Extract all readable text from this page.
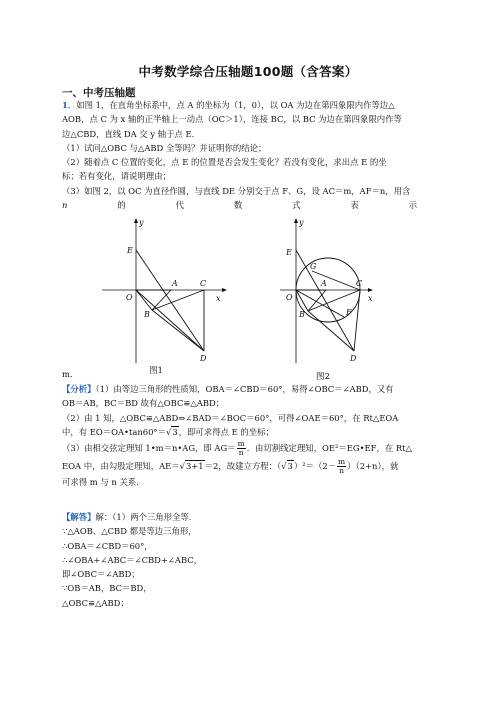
中考数学综合压轴题100题（含答案）
一、中考压轴题

1．如图 1，在直角坐标系中，点 A 的坐标为（1，0），以 OA 为边在第四象限内作等边△

AOB，点 C 为 x 轴的正半轴上一动点（OC＞1），连接 BC，以 BC 为边在第四象限内作等

边△CBD，直线 DA 交 y 轴于点 E．

（1）试问△OBC 与△ABD 全等吗？并证明你的结论；

（2）随着点 C 位置的变化，点 E 的位置是否会发生变化？若没有变化，求出点 E 的坐

标；若有变化，请说明理由；

（3）如图 2，以 OC 为直径作圆，与直线 DE 分别交于点 F、G，设 AC＝m，AF＝n，用含

n	的	代	数	式	表	示
y
E
A	C
O	x
B
D
图1
y
E
G
A	C
O	x
B	F
D
图2

m．

【分析】（1）由等边三角形的性质知，OBA＝∠CBD＝60°，易得∠OBC＝∠ABD，又有

OB＝AB，BC＝BD 故有△OBC≌△ABD；

（2）由 1 知，△OBC≌△ABD⇒∠BAD＝∠BOC＝60°，可得∠OAE＝60°，在 Rt△EOA

中，有 EO＝OA•tan60°＝√3，即可求得点 E 的坐标；

（3）由相交弦定理知 1•m＝n•AG，即 $AG= \frac{m}{n}$ ．由切割线定理知，OE²＝EG•EF，在 Rt△

EOA 中，由勾股定理知，AE＝√3+1＝2，故建立方程：$(√3)^2=(2- \frac{m}{n} )(2+n)$，就

可求得 m 与 n 关系．

【解答】解：（1）两个三角形全等．

∵△AOB、△CBD 都是等边三角形，

∴OBA＝∠CBD＝60°，

∴∠OBA+∠ABC＝∠CBD+∠ABC，

即∠OBC＝∠ABD；

∵OB＝AB，BC＝BD，

△OBC≌△ABD；
